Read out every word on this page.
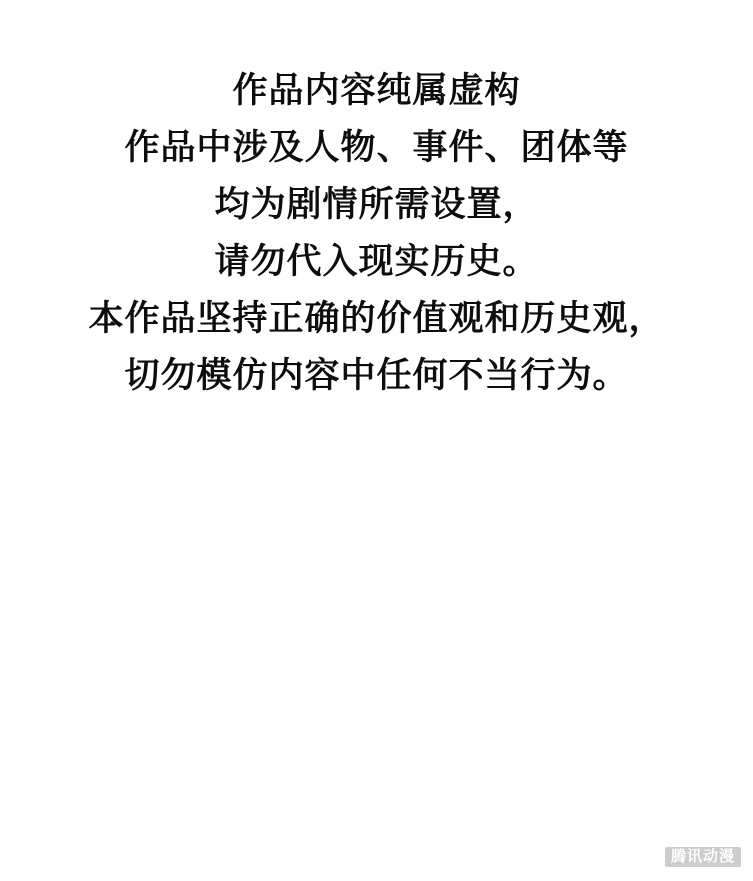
作品内容纯属虚构
作品中涉及人物、事件、团体等
均为剧情所需设置，
请勿代入现实历史。
本作品坚持正确的价值观和历史观，
切勿模仿内容中任何不当行为。
腾讯动漫
